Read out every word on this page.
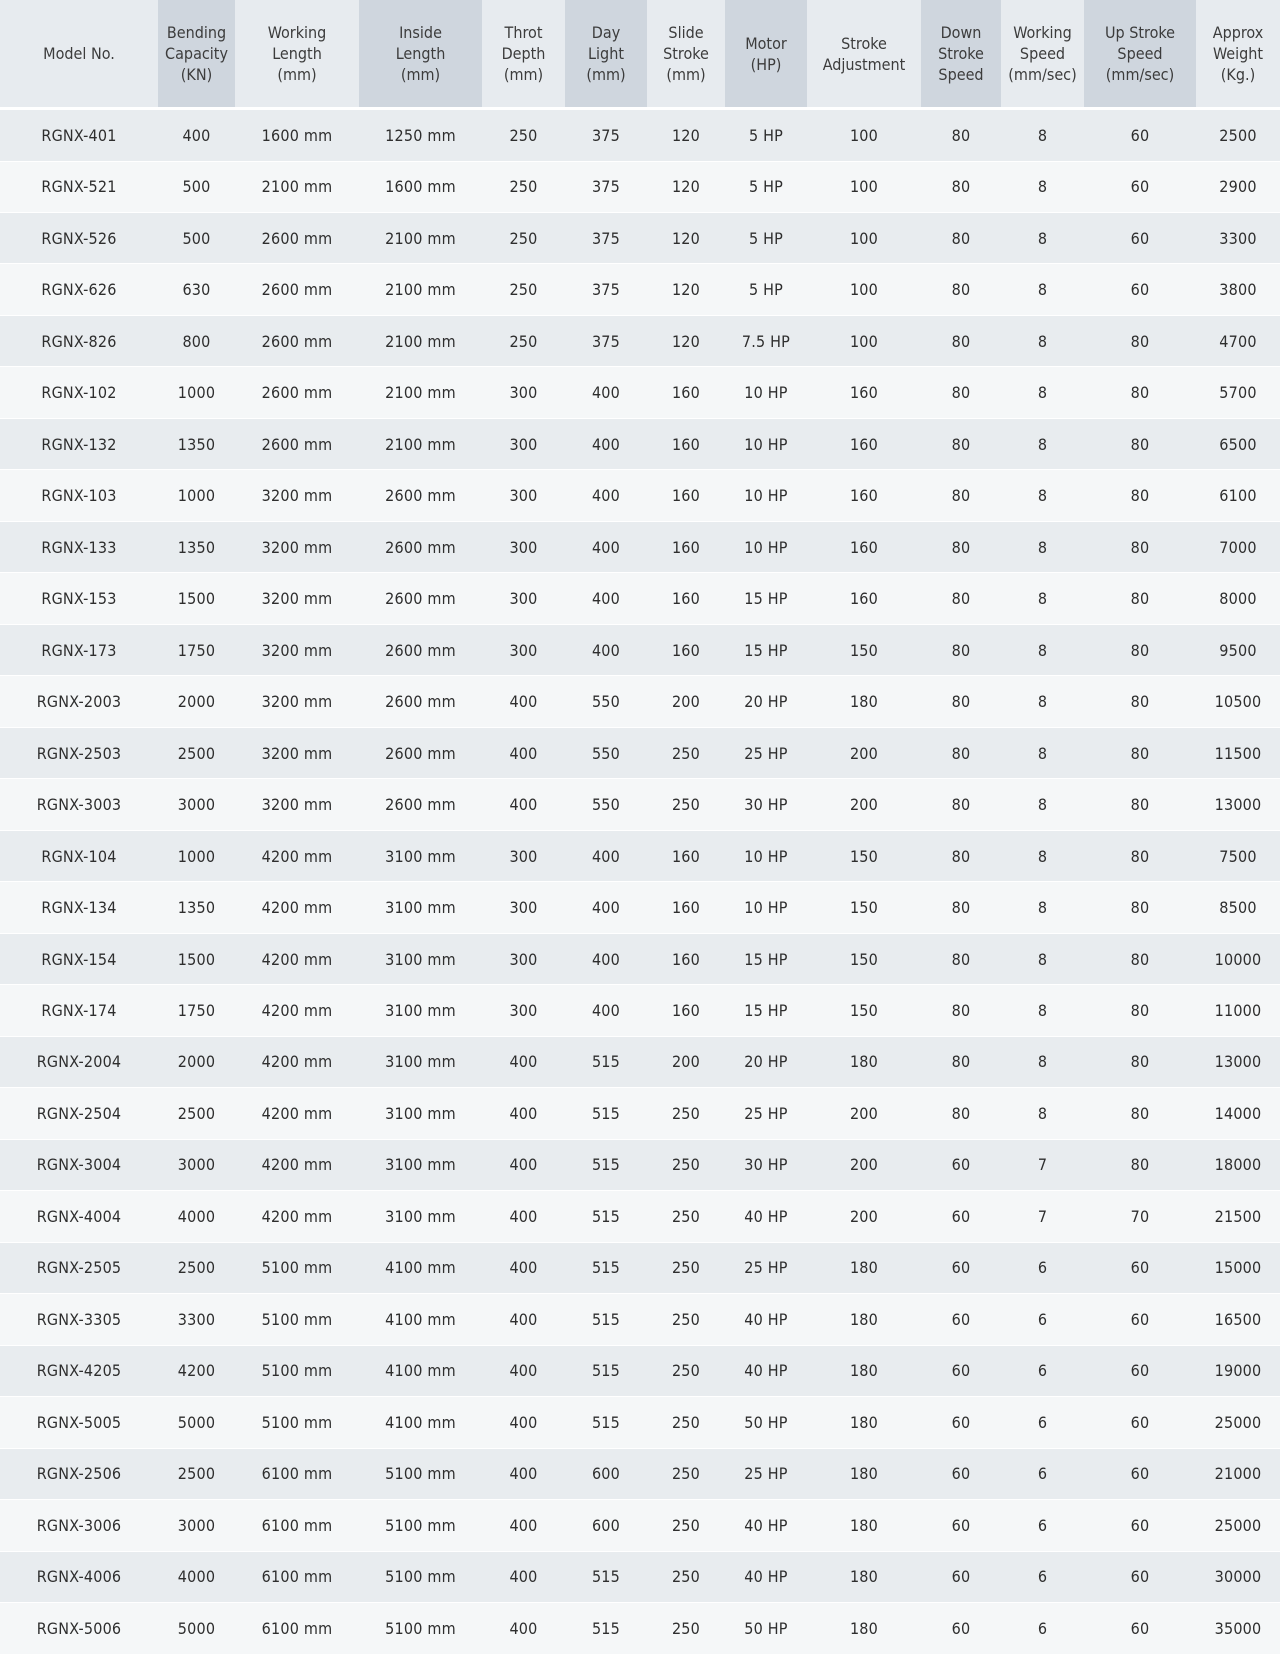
Model No.	Bending
Capacity
(KN)	Working
Length
(mm)	Inside
Length
(mm)	Throt
Depth
(mm)	Day
Light
(mm)	Slide
Stroke
(mm)	Motor
(HP)	Stroke
Adjustment	Down
Stroke
Speed	Working
Speed
(mm/sec)	Up Stroke
Speed
(mm/sec)	Approx
Weight
(Kg.)

RGNX-401	400	1600 mm	1250 mm	250	375	120	5 HP	100	80	8	60	2500
RGNX-521	500	2100 mm	1600 mm	250	375	120	5 HP	100	80	8	60	2900
RGNX-526	500	2600 mm	2100 mm	250	375	120	5 HP	100	80	8	60	3300
RGNX-626	630	2600 mm	2100 mm	250	375	120	5 HP	100	80	8	60	3800
RGNX-826	800	2600 mm	2100 mm	250	375	120	7.5 HP	100	80	8	80	4700
RGNX-102	1000	2600 mm	2100 mm	300	400	160	10 HP	160	80	8	80	5700
RGNX-132	1350	2600 mm	2100 mm	300	400	160	10 HP	160	80	8	80	6500
RGNX-103	1000	3200 mm	2600 mm	300	400	160	10 HP	160	80	8	80	6100
RGNX-133	1350	3200 mm	2600 mm	300	400	160	10 HP	160	80	8	80	7000
RGNX-153	1500	3200 mm	2600 mm	300	400	160	15 HP	160	80	8	80	8000
RGNX-173	1750	3200 mm	2600 mm	300	400	160	15 HP	150	80	8	80	9500
RGNX-2003	2000	3200 mm	2600 mm	400	550	200	20 HP	180	80	8	80	10500
RGNX-2503	2500	3200 mm	2600 mm	400	550	250	25 HP	200	80	8	80	11500
RGNX-3003	3000	3200 mm	2600 mm	400	550	250	30 HP	200	80	8	80	13000
RGNX-104	1000	4200 mm	3100 mm	300	400	160	10 HP	150	80	8	80	7500
RGNX-134	1350	4200 mm	3100 mm	300	400	160	10 HP	150	80	8	80	8500
RGNX-154	1500	4200 mm	3100 mm	300	400	160	15 HP	150	80	8	80	10000
RGNX-174	1750	4200 mm	3100 mm	300	400	160	15 HP	150	80	8	80	11000
RGNX-2004	2000	4200 mm	3100 mm	400	515	200	20 HP	180	80	8	80	13000
RGNX-2504	2500	4200 mm	3100 mm	400	515	250	25 HP	200	80	8	80	14000
RGNX-3004	3000	4200 mm	3100 mm	400	515	250	30 HP	200	60	7	80	18000
RGNX-4004	4000	4200 mm	3100 mm	400	515	250	40 HP	200	60	7	70	21500
RGNX-2505	2500	5100 mm	4100 mm	400	515	250	25 HP	180	60	6	60	15000
RGNX-3305	3300	5100 mm	4100 mm	400	515	250	40 HP	180	60	6	60	16500
RGNX-4205	4200	5100 mm	4100 mm	400	515	250	40 HP	180	60	6	60	19000
RGNX-5005	5000	5100 mm	4100 mm	400	515	250	50 HP	180	60	6	60	25000
RGNX-2506	2500	6100 mm	5100 mm	400	600	250	25 HP	180	60	6	60	21000
RGNX-3006	3000	6100 mm	5100 mm	400	600	250	40 HP	180	60	6	60	25000
RGNX-4006	4000	6100 mm	5100 mm	400	515	250	40 HP	180	60	6	60	30000
RGNX-5006	5000	6100 mm	5100 mm	400	515	250	50 HP	180	60	6	60	35000
